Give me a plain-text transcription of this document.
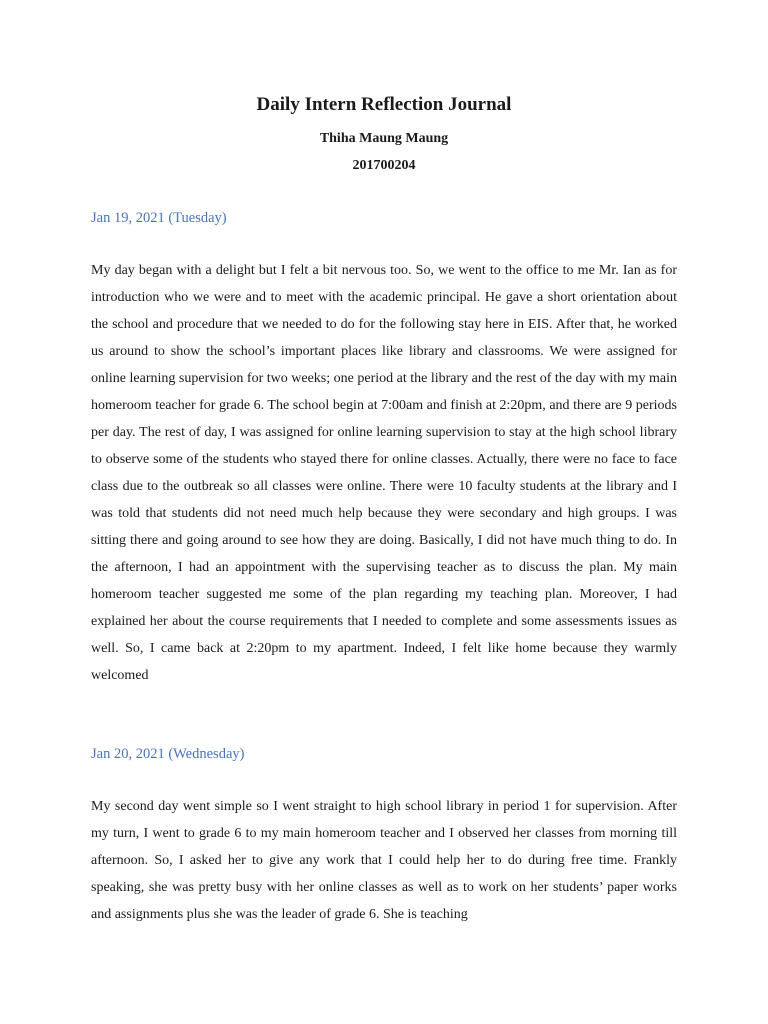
Daily Intern Reflection Journal
Thiha Maung Maung
201700204
Jan 19, 2021 (Tuesday)

My day began with a delight but I felt a bit nervous too. So, we went to the office to me Mr. Ian as for introduction who we were and to meet with the academic principal. He gave a short orientation about the school and procedure that we needed to do for the following stay here in EIS. After that, he worked us around to show the school’s important places like library and classrooms. We were assigned for online learning supervision for two weeks; one period at the library and the rest of the day with my main homeroom teacher for grade 6. The school begin at 7:00am and finish at 2:20pm, and there are 9 periods per day. The rest of day, I was assigned for online learning supervision to stay at the high school library to observe some of the students who stayed there for online classes. Actually, there were no face to face class due to the outbreak so all classes were online. There were 10 faculty students at the library and I was told that students did not need much help because they were secondary and high groups. I was sitting there and going around to see how they are doing. Basically, I did not have much thing to do. In the afternoon, I had an appointment with the supervising teacher as to discuss the plan. My main homeroom teacher suggested me some of the plan regarding my teaching plan. Moreover, I had explained her about the course requirements that I needed to complete and some assessments issues as well. So, I came back at 2:20pm to my apartment. Indeed, I felt like home because they warmly welcomed

Jan 20, 2021 (Wednesday)

My second day went simple so I went straight to high school library in period 1 for supervision. After my turn, I went to grade 6 to my main homeroom teacher and I observed her classes from morning till afternoon. So, I asked her to give any work that I could help her to do during free time. Frankly speaking, she was pretty busy with her online classes as well as to work on her students’ paper works and assignments plus she was the leader of grade 6. She is teaching
